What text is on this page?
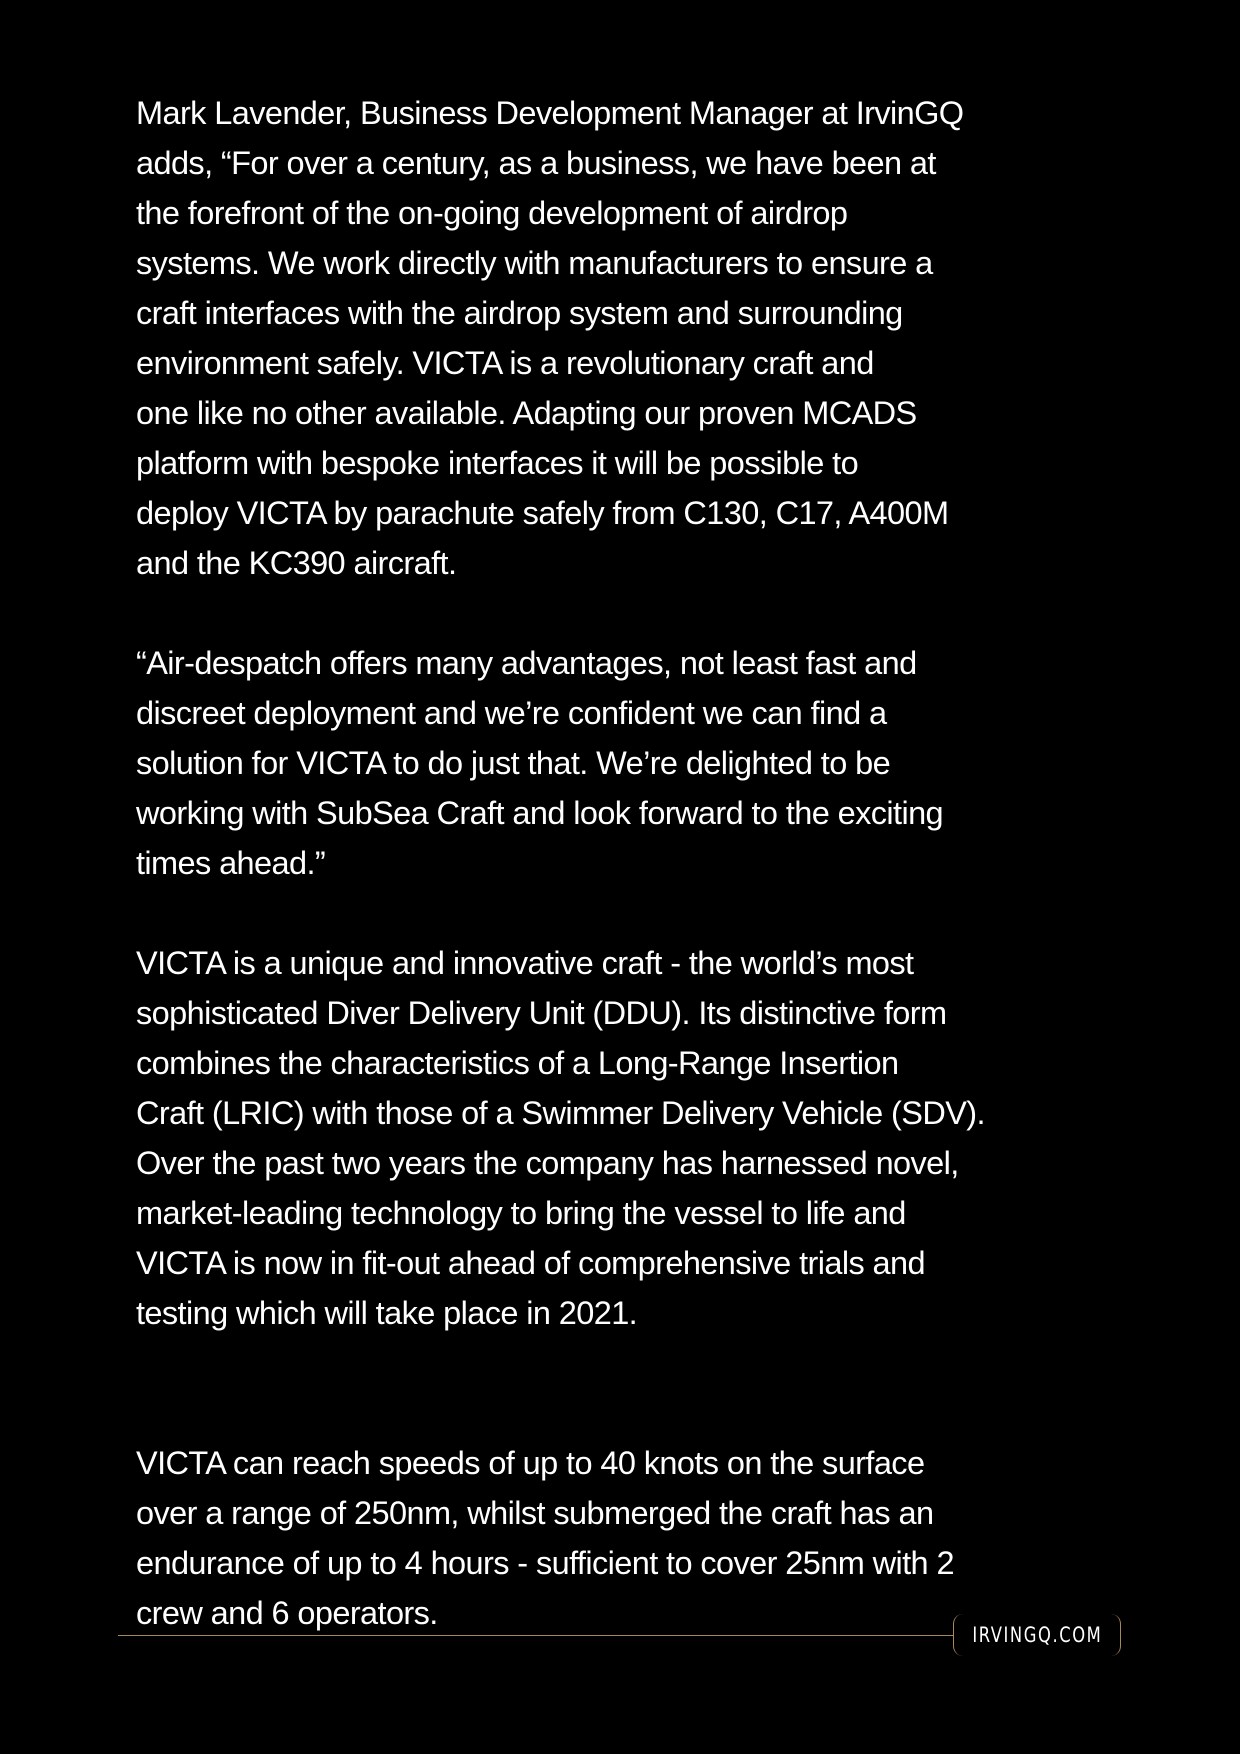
Mark Lavender, Business Development Manager at IrvinGQ
adds, “For over a century, as a business, we have been at
the forefront of the on-going development of airdrop
systems. We work directly with manufacturers to ensure a
craft interfaces with the airdrop system and surrounding
environment safely. VICTA is a revolutionary craft and
one like no other available. Adapting our proven MCADS
platform with bespoke interfaces it will be possible to
deploy VICTA by parachute safely from C130, C17, A400M
and the KC390 aircraft.

“Air-despatch offers many advantages, not least fast and
discreet deployment and we’re confident we can find a
solution for VICTA to do just that. We’re delighted to be
working with SubSea Craft and look forward to the exciting
times ahead.”

VICTA is a unique and innovative craft - the world’s most
sophisticated Diver Delivery Unit (DDU). Its distinctive form
combines the characteristics of a Long-Range Insertion
Craft (LRIC) with those of a Swimmer Delivery Vehicle (SDV).
Over the past two years the company has harnessed novel,
market-leading technology to bring the vessel to life and
VICTA is now in fit-out ahead of comprehensive trials and
testing which will take place in 2021.

VICTA can reach speeds of up to 40 knots on the surface
over a range of 250nm, whilst submerged the craft has an
endurance of up to 4 hours - sufficient to cover 25nm with 2
crew and 6 operators.

IRVINGQ.COM
